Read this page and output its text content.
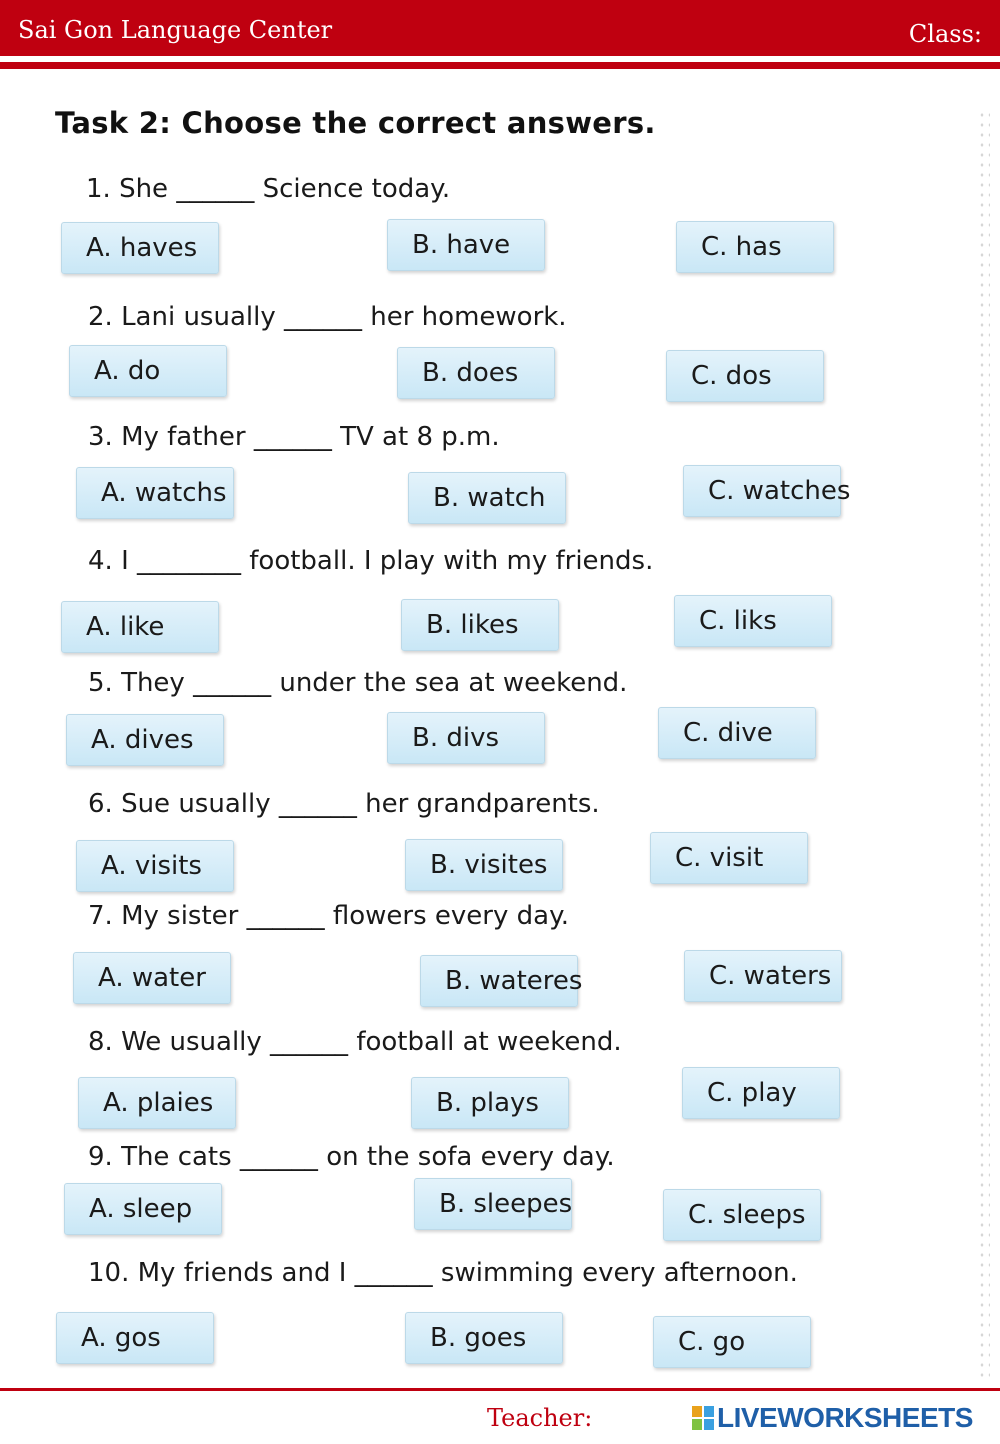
Sai Gon Language Center	Class:
Task 2: Choose the correct answers.
1. She ______ Science today.
A. haves	B. have	C. has
2. Lani usually ______ her homework.
A. do	B. does	C. dos
3. My father ______ TV at 8 p.m.
A. watchs	B. watch	C. watches
4. I ________ football. I play with my friends.
A. like	B. likes	C. liks
5. They ______ under the sea at weekend.
A. dives	B. divs	C. dive
6. Sue usually ______ her grandparents.
A. visits	B. visites	C. visit
7. My sister ______ flowers every day.
A. water	B. wateres	C. waters
8. We usually ______ football at weekend.
A. plaies	B. plays	C. play
9. The cats ______ on the sofa every day.
A. sleep	B. sleepes	C. sleeps
10. My friends and I ______ swimming every afternoon.
A. gos	B. goes	C. go
Teacher:	LIVEWORKSHEETS
